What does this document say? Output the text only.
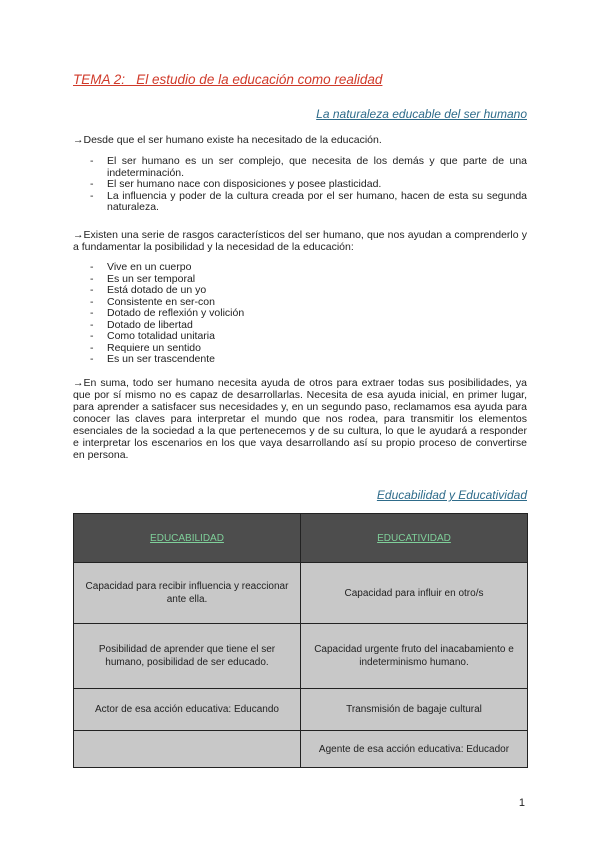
TEMA 2:_ El estudio de la educación como realidad
La naturaleza educable del ser humano

→Desde que el ser humano existe ha necesitado de la educación.

- El ser humano es un ser complejo, que necesita de los demás y que parte de una indeterminación.
- El ser humano nace con disposiciones y posee plasticidad.
- La influencia y poder de la cultura creada por el ser humano, hacen de esta su segunda naturaleza.

→Existen una serie de rasgos característicos del ser humano, que nos ayudan a comprenderlo y a fundamentar la posibilidad y la necesidad de la educación:

- Vive en un cuerpo
- Es un ser temporal
- Está dotado de un yo
- Consistente en ser-con
- Dotado de reflexión y volición
- Dotado de libertad
- Como totalidad unitaria
- Requiere un sentido
- Es un ser trascendente

→En suma, todo ser humano necesita ayuda de otros para extraer todas sus posibilidades, ya que por sí mismo no es capaz de desarrollarlas. Necesita de esa ayuda inicial, en primer lugar, para aprender a satisfacer sus necesidades y, en un segundo paso, reclamamos esa ayuda para conocer las claves para interpretar el mundo que nos rodea, para transmitir los elementos esenciales de la sociedad a la que pertenecemos y de su cultura, lo que le ayudará a responder e interpretar los escenarios en los que vaya desarrollando así su propio proceso de convertirse en persona.

Educabilidad y Educatividad
EDUCABILIDAD	EDUCATIVIDAD
Capacidad para recibir influencia y reaccionar ante ella.	Capacidad para influir en otro/s
Posibilidad de aprender que tiene el ser humano, posibilidad de ser educado.	Capacidad urgente fruto del inacabamiento e indeterminismo humano.
Actor de esa acción educativa: Educando	Transmisión de bagaje cultural
	Agente de esa acción educativa: Educador
1
